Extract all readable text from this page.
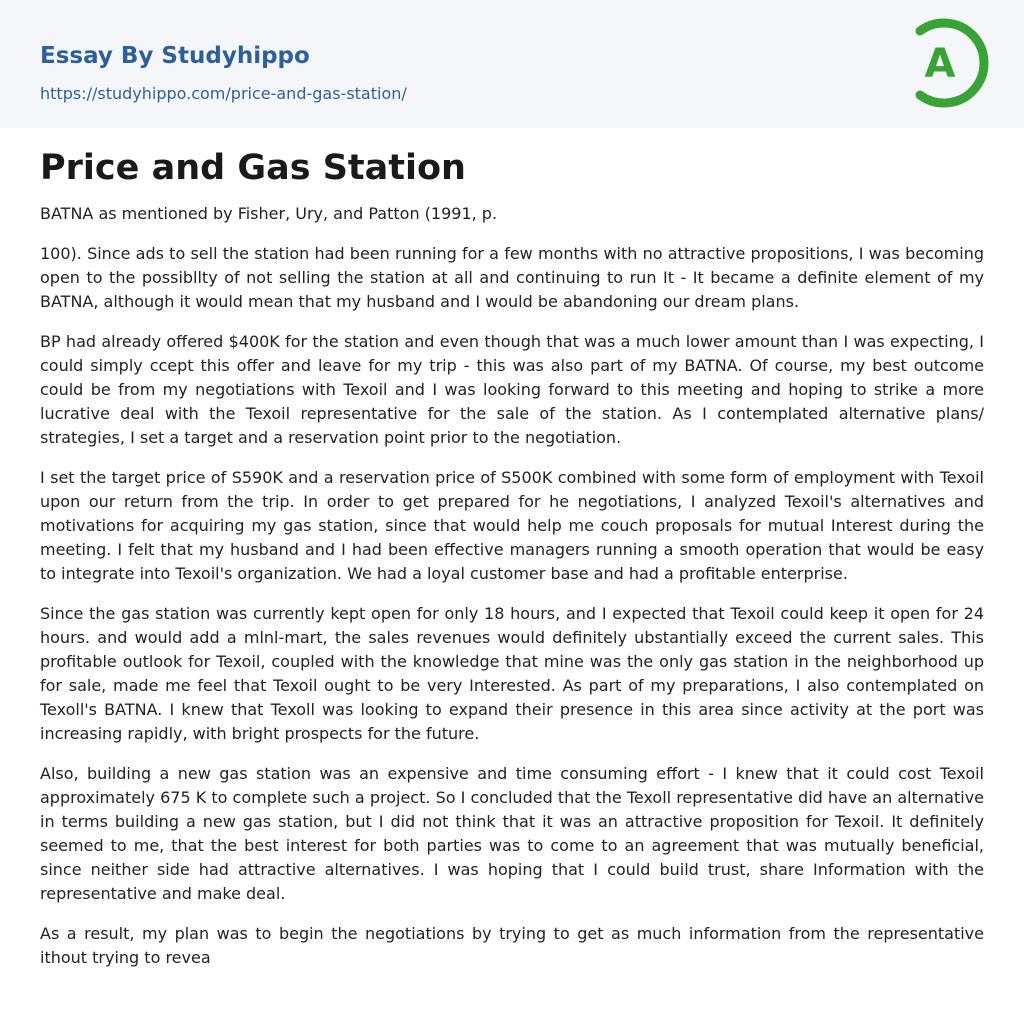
Essay By Studyhippo
https://studyhippo.com/price-and-gas-station/
A
Price and Gas Station

BATNA as mentioned by Fisher, Ury, and Patton (1991, p.

100). Since ads to sell the station had been running for a few months with no attractive propositions, I was becoming open to the possibllty of not selling the station at all and continuing to run It - It became a definite element of my BATNA, although it would mean that my husband and I would be abandoning our dream plans.

BP had already offered $400K for the station and even though that was a much lower amount than I was expecting, I could simply ccept this offer and leave for my trip - this was also part of my BATNA. Of course, my best outcome could be from my negotiations with Texoil and I was looking forward to this meeting and hoping to strike a more lucrative deal with the Texoil representative for the sale of the station. As I contemplated alternative plans/ strategies, I set a target and a reservation point prior to the negotiation.

I set the target price of S590K and a reservation price of S500K combined with some form of employment with Texoil upon our return from the trip. In order to get prepared for he negotiations, I analyzed Texoil's alternatives and motivations for acquiring my gas station, since that would help me couch proposals for mutual Interest during the meeting. I felt that my husband and I had been effective managers running a smooth operation that would be easy to integrate into Texoil's organization. We had a loyal customer base and had a profitable enterprise.

Since the gas station was currently kept open for only 18 hours, and I expected that Texoil could keep it open for 24 hours. and would add a mlnl-mart, the sales revenues would definitely ubstantially exceed the current sales. This profitable outlook for Texoil, coupled with the knowledge that mine was the only gas station in the neighborhood up for sale, made me feel that Texoil ought to be very Interested. As part of my preparations, I also contemplated on Texoll's BATNA. I knew that Texoll was looking to expand their presence in this area since activity at the port was increasing rapidly, with bright prospects for the future.

Also, building a new gas station was an expensive and time consuming effort - I knew that it could cost Texoil approximately 675 K to complete such a project. So I concluded that the Texoll representative did have an alternative in terms building a new gas station, but I did not think that it was an attractive proposition for Texoil. It definitely seemed to me, that the best interest for both parties was to come to an agreement that was mutually beneficial, since neither side had attractive alternatives. I was hoping that I could build trust, share Information with the representative and make deal.

As a result, my plan was to begin the negotiations by trying to get as much information from the representative ithout trying to revea
